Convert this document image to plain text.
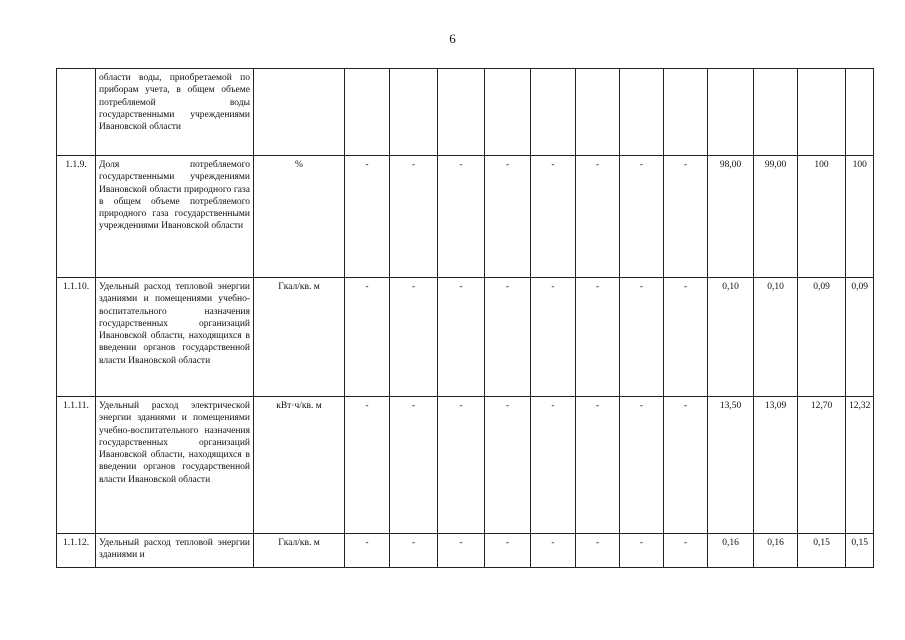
6
	области воды, приобретаемой по приборам учета, в общем объеме потребляемой воды государственными учреждениями Ивановской области													
1.1.9.	Доля потребляемого государственными учреждениями Ивановской области природного газа в общем объеме потребляемого природного газа государственными учреждениями Ивановской области	%	-	-	-	-	-	-	-	-	98,00	99,00	100	100
1.1.10.	Удельный расход тепловой энергии зданиями и помещениями учебно-воспитательного назначения государственных организаций Ивановской области, находящихся в введении органов государственной власти Ивановской области	Гкал/кв. м	-	-	-	-	-	-	-	-	0,10	0,10	0,09	0,09
1.1.11.	Удельный расход электрической энергии зданиями и помещениями учебно-воспитательного назначения государственных организаций Ивановской области, находящихся в введении органов государственной власти Ивановской области	кВт·ч/кв. м	-	-	-	-	-	-	-	-	13,50	13,09	12,70	12,32
1.1.12.	Удельный расход тепловой энергии зданиями и	Гкал/кв. м	-	-	-	-	-	-	-	-	0,16	0,16	0,15	0,15
